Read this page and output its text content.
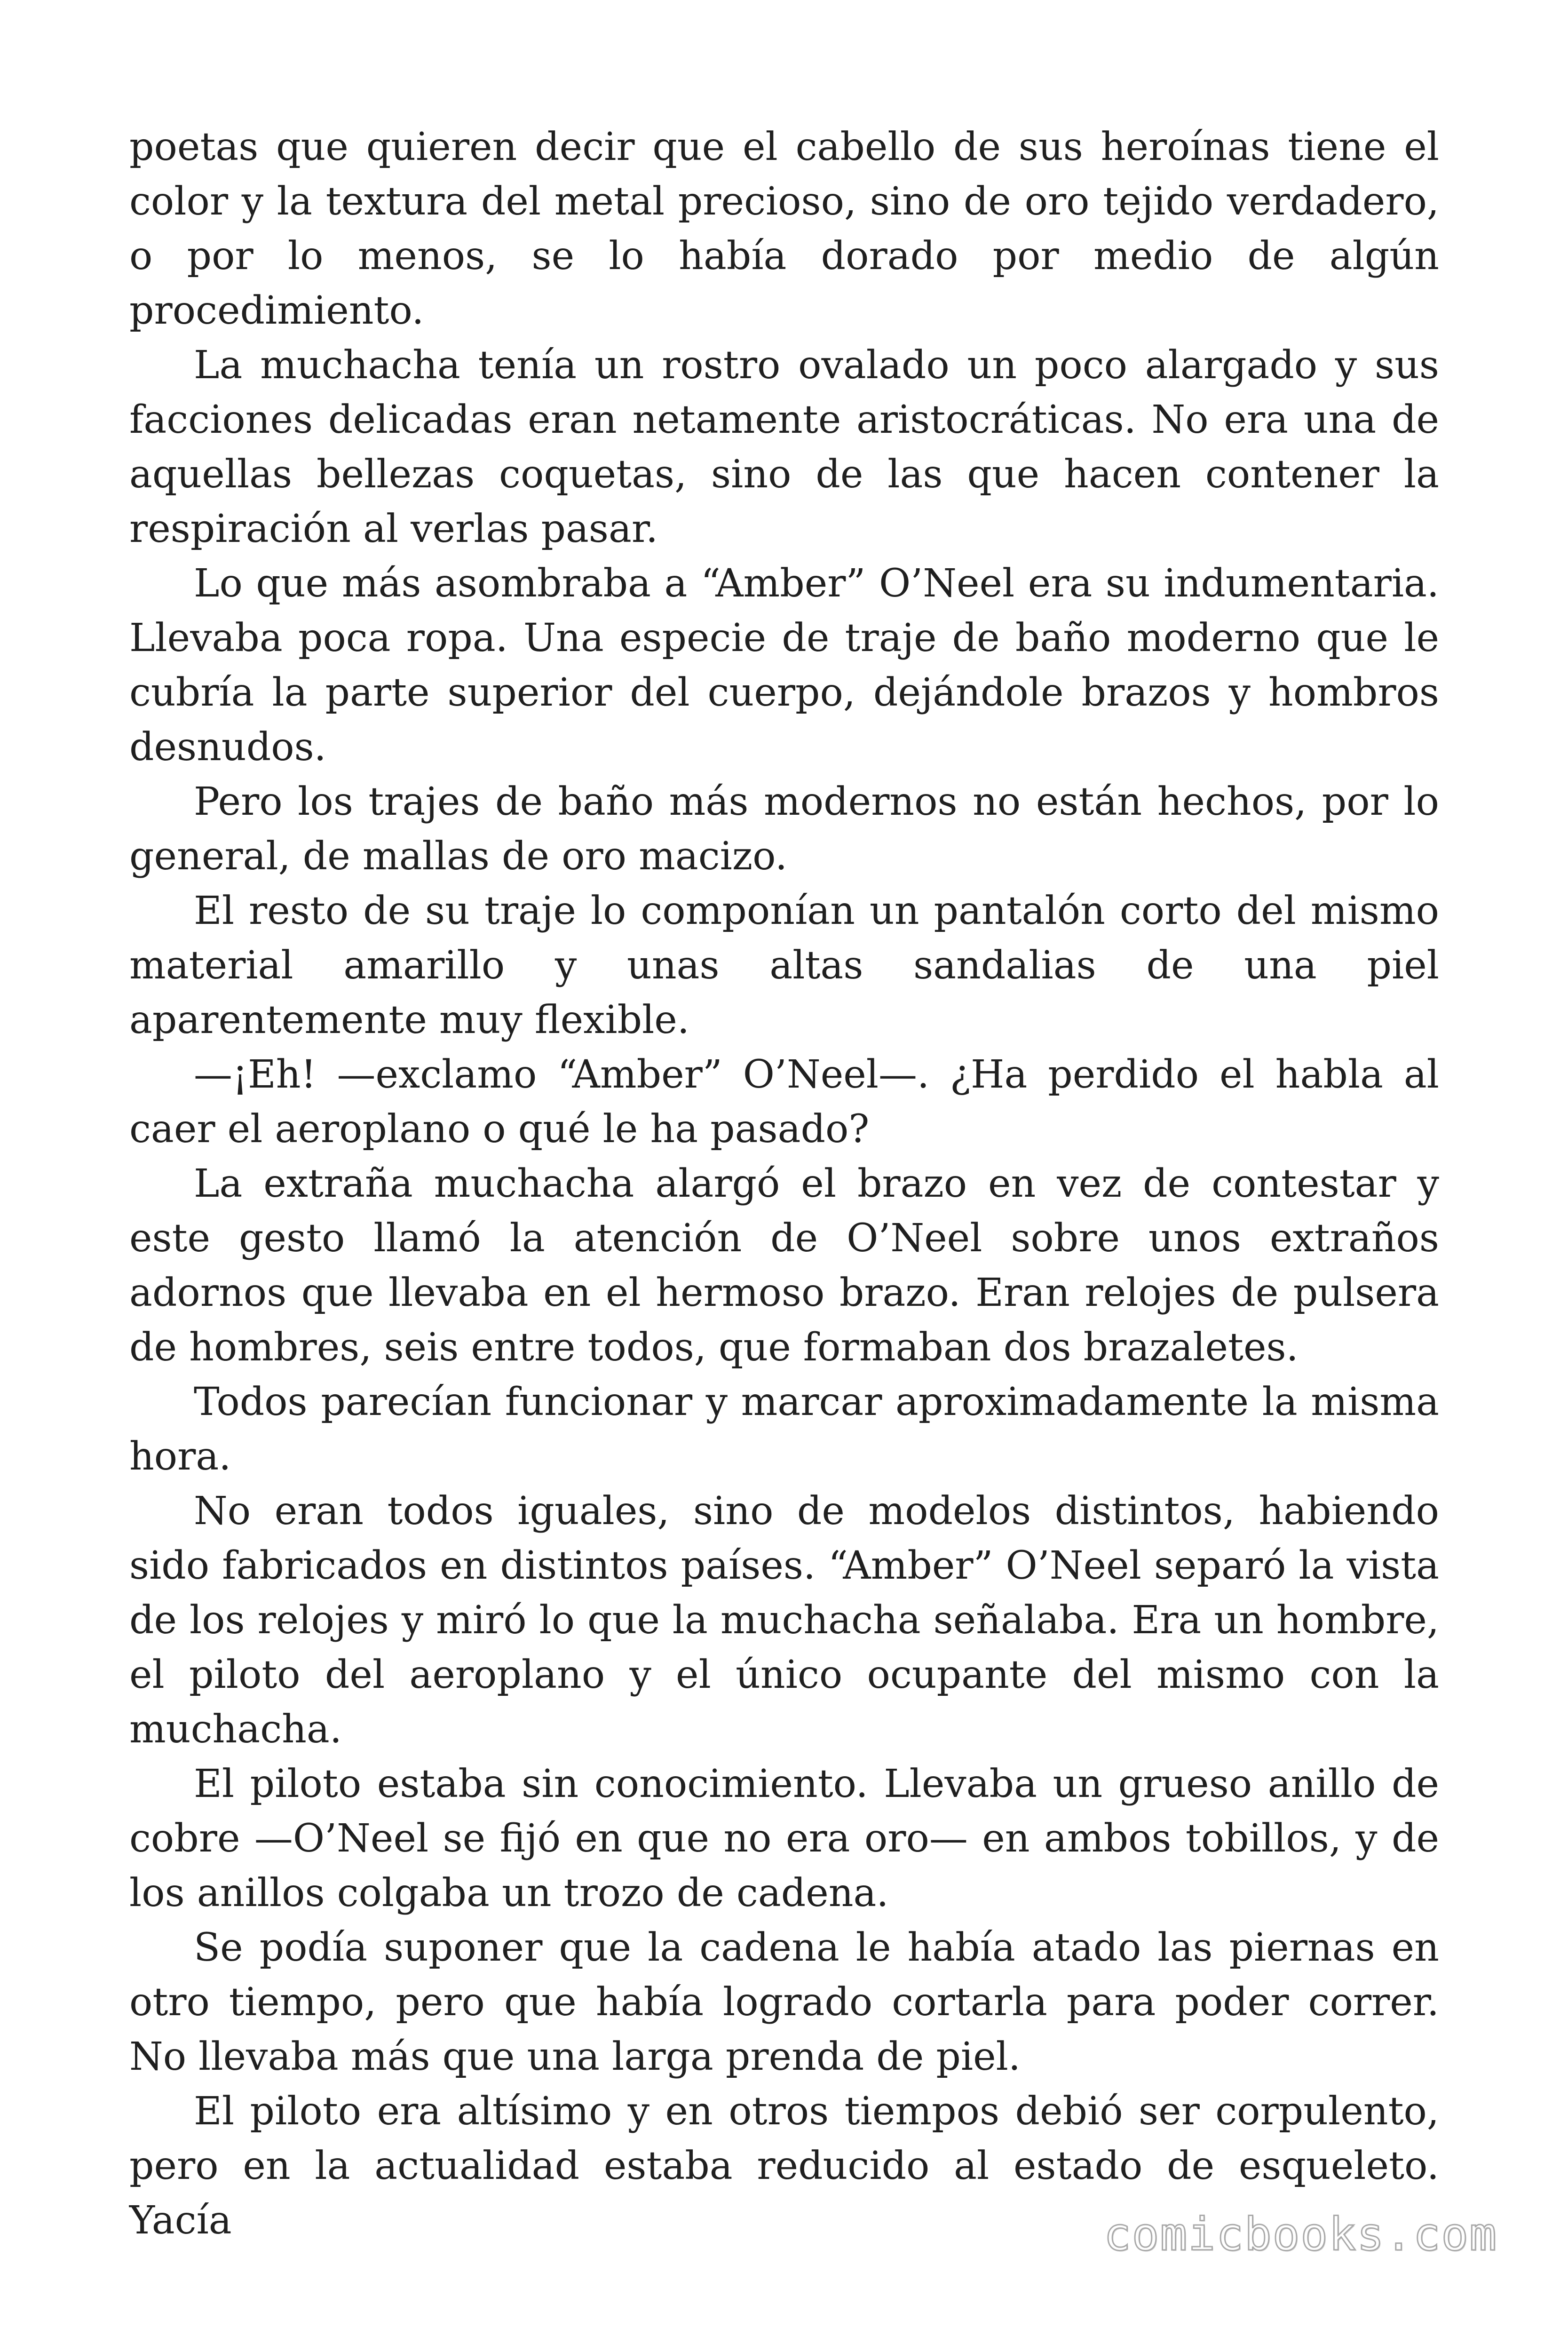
poetas que quieren decir que el cabello de sus heroínas tiene el color y la textura del metal precioso, sino de oro tejido verdadero, o por lo menos, se lo había dorado por medio de algún procedimiento.

La muchacha tenía un rostro ovalado un poco alargado y sus facciones delicadas eran netamente aristocráticas. No era una de aquellas bellezas coquetas, sino de las que hacen contener la respiración al verlas pasar.

Lo que más asombraba a “Amber” O’Neel era su indumentaria. Llevaba poca ropa. Una especie de traje de baño moderno que le cubría la parte superior del cuerpo, dejándole brazos y hombros desnudos.

Pero los trajes de baño más modernos no están hechos, por lo general, de mallas de oro macizo.

El resto de su traje lo componían un pantalón corto del mismo material amarillo y unas altas sandalias de una piel aparentemente muy flexible.

—¡Eh! —exclamo “Amber” O’Neel—. ¿Ha perdido el habla al caer el aeroplano o qué le ha pasado?

La extraña muchacha alargó el brazo en vez de contestar y este gesto llamó la atención de O’Neel sobre unos extraños adornos que llevaba en el hermoso brazo. Eran relojes de pulsera de hombres, seis entre todos, que formaban dos brazaletes.

Todos parecían funcionar y marcar aproximadamente la misma hora.

No eran todos iguales, sino de modelos distintos, habiendo sido fabricados en distintos países. “Amber” O’Neel separó la vista de los relojes y miró lo que la muchacha señalaba. Era un hombre, el piloto del aeroplano y el único ocupante del mismo con la muchacha.

El piloto estaba sin conocimiento. Llevaba un grueso anillo de cobre —O’Neel se fijó en que no era oro— en ambos tobillos, y de los anillos colgaba un trozo de cadena.

Se podía suponer que la cadena le había atado las piernas en otro tiempo, pero que había logrado cortarla para poder correr. No llevaba más que una larga prenda de piel.

El piloto era altísimo y en otros tiempos debió ser corpulento, pero en la actualidad estaba reducido al estado de esqueleto. Yacía	comicbooks.com
